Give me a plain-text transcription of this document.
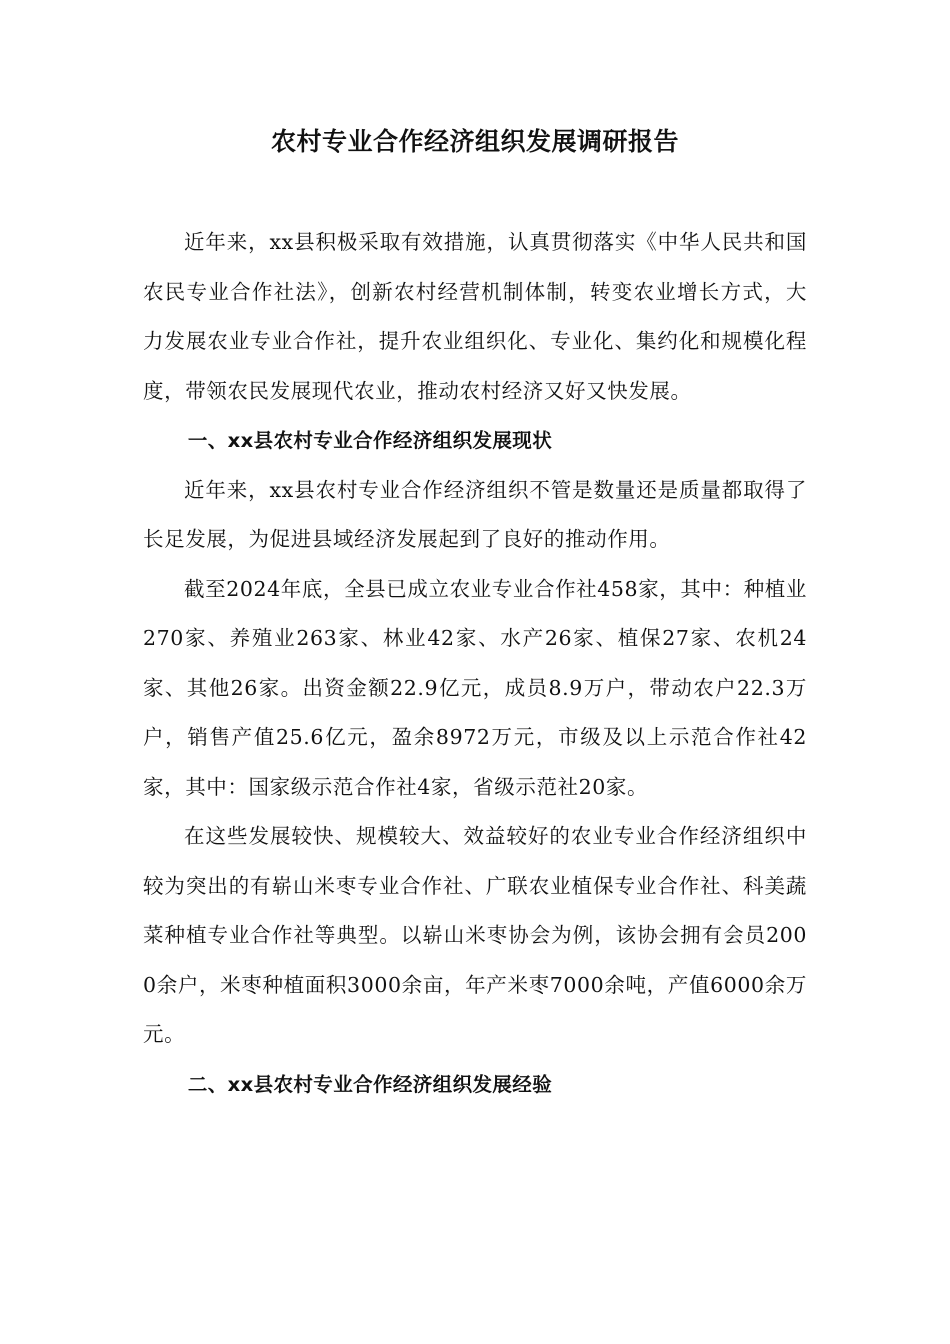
农村专业合作经济组织发展调研报告

近年来，xx县积极采取有效措施，认真贯彻落实《中华人民共和国农民专业合作社法》，创新农村经营机制体制，转变农业增长方式，大力发展农业专业合作社，提升农业组织化、专业化、集约化和规模化程度，带领农民发展现代农业，推动农村经济又好又快发展。

一、xx县农村专业合作经济组织发展现状

近年来，xx县农村专业合作经济组织不管是数量还是质量都取得了长足发展，为促进县域经济发展起到了良好的推动作用。

截至2024年底，全县已成立农业专业合作社458家，其中：种植业270家、养殖业263家、林业42家、水产26家、植保27家、农机24家、其他26家。出资金额22.9亿元，成员8.9万户，带动农户22.3万户，销售产值25.6亿元，盈余8972万元，市级及以上示范合作社42家，其中：国家级示范合作社4家，省级示范社20家。

在这些发展较快、规模较大、效益较好的农业专业合作经济组织中较为突出的有崭山米枣专业合作社、广联农业植保专业合作社、科美蔬菜种植专业合作社等典型。以崭山米枣协会为例，该协会拥有会员2000余户，米枣种植面积3000余亩，年产米枣7000余吨，产值6000余万元。

二、xx县农村专业合作经济组织发展经验
